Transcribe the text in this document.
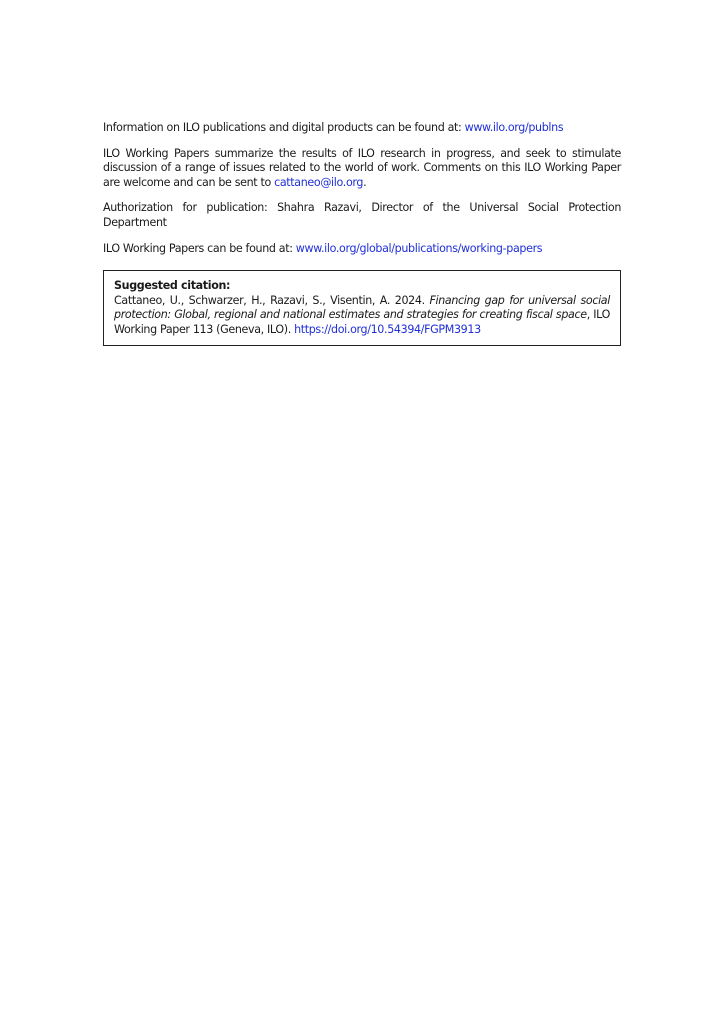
Information on ILO publications and digital products can be found at: www.ilo.org/publns

ILO Working Papers summarize the results of ILO research in progress, and seek to stimulate discussion of a range of issues related to the world of work. Comments on this ILO Working Paper are welcome and can be sent to cattaneo@ilo.org.

Authorization for publication: Shahra Razavi, Director of the Universal Social Protection Department

ILO Working Papers can be found at: www.ilo.org/global/publications/working-papers

Suggested citation:
Cattaneo, U., Schwarzer, H., Razavi, S., Visentin, A. 2024. Financing gap for universal social protection: Global, regional and national estimates and strategies for creating fiscal space, ILO Working Paper 113 (Geneva, ILO). https://doi.org/10.54394/FGPM3913
